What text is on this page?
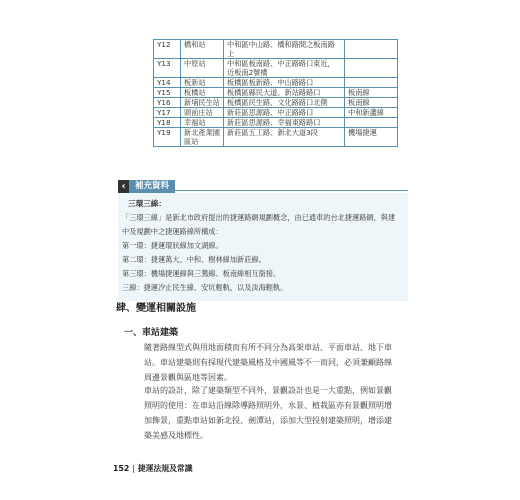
Y12	橋和站	中和區中山路、橋和路間之板南路上	
Y13	中原站	中和區板南路、中正路路口東近，近板南2號橋	
Y14	板新站	板橋區板新路、中山路路口	
Y15	板橋站	板橋區縣民大道、新站路路口	板南線
Y16	新埔民生站	板橋區民生路、文化路路口北側	板南線
Y17	頭前庄站	新莊區思源路、中正路路口	中和新蘆線
Y18	幸福站	新莊區思源路、幸福東路路口	
Y19	新北產業園區站	新莊區五工路、新北大道3段	機場捷運
‹	補充資料

三環三線：

「三環三線」是新北市政府提出的捷運路網規劃概念，由已通車的台北捷運路網，與建中及規劃中之捷運路線所構成：

第一環：捷運環狀線加文湖線。

第二環：捷運萬大、中和、樹林線加新莊線。

第三環：機場捷運線與三鶯線、板南線相互銜接。

三線：捷運汐止民生線、安坑輕軌，以及淡海輕軌。

肆、變運相關設施
一、車站建築

隨著路線型式與用地面積而有所不同分為高架車站、平面車站、地下車站。車站建築則有採現代建築風格及中國風等不一而同，必須兼顧路線周邊景觀與區地等因素。

車站的設計，除了建築類型不同外，景觀設計也是一大重點，例如景觀照明的使用：在車站沿線除導路照明外，水景、植栽區亦有景觀照明增加飾景，重點車站如新北投、劍潭站，添加大型投射建築照明，增添建築美感及地標性。

152 | 捷運法規及常識
